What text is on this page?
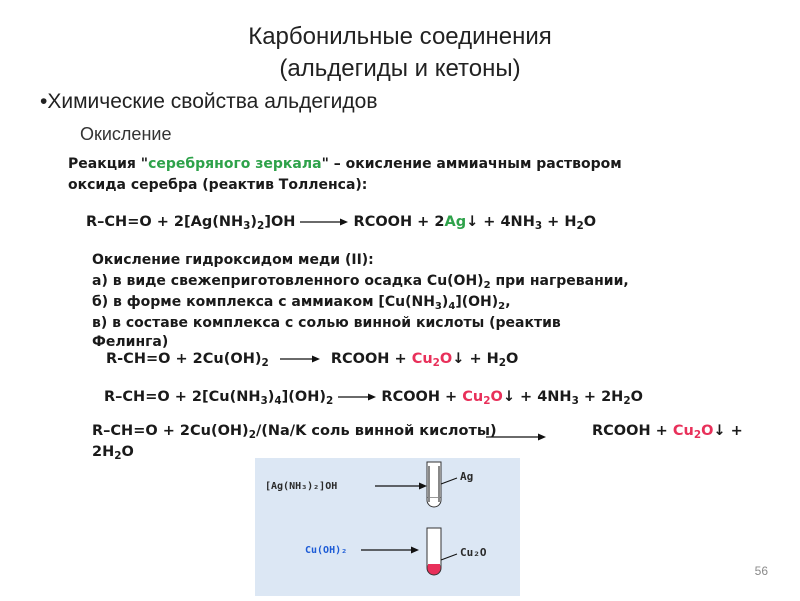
Карбонильные соединения
(альдегиды и кетоны)
•Химические свойства альдегидов
Окисление
Реакция "серебряного зеркала" – окисление аммиачным раствором
оксида серебра (реактив Толленса):
$R-CH=O + 2[Ag(NH_3)_2]OH$ → RCOOH + 2Ag↓ + $4NH_3 + H_2O$
Окисление гидроксидом меди (II):
а) в виде свежеприготовленного осадка $Cu(OH)_2$ при нагревании,
б) в форме комплекса с аммиаком $[Cu(NH_3)_4](OH)_2$,
в) в составе комплекса с солью винной кислоты (реактив
Фелинга)
$R-CH=O + 2Cu(OH)_2$ → RCOOH + $Cu_2O↓ + H_2O$
$R-CH=O + 2[Cu(NH_3)_4](OH)_2$ → RCOOH + $Cu_2O↓ + 4NH_3 + 2H_2O$
$R-CH=O + 2Cu(OH)_2/(Na/K$ соль винной кислоты)	RCOOH + $Cu_2O↓$ +
$2H_2O$
[Ag(NH₃)₂]OH
Ag
Cu(OH)₂	Cu₂O
56
